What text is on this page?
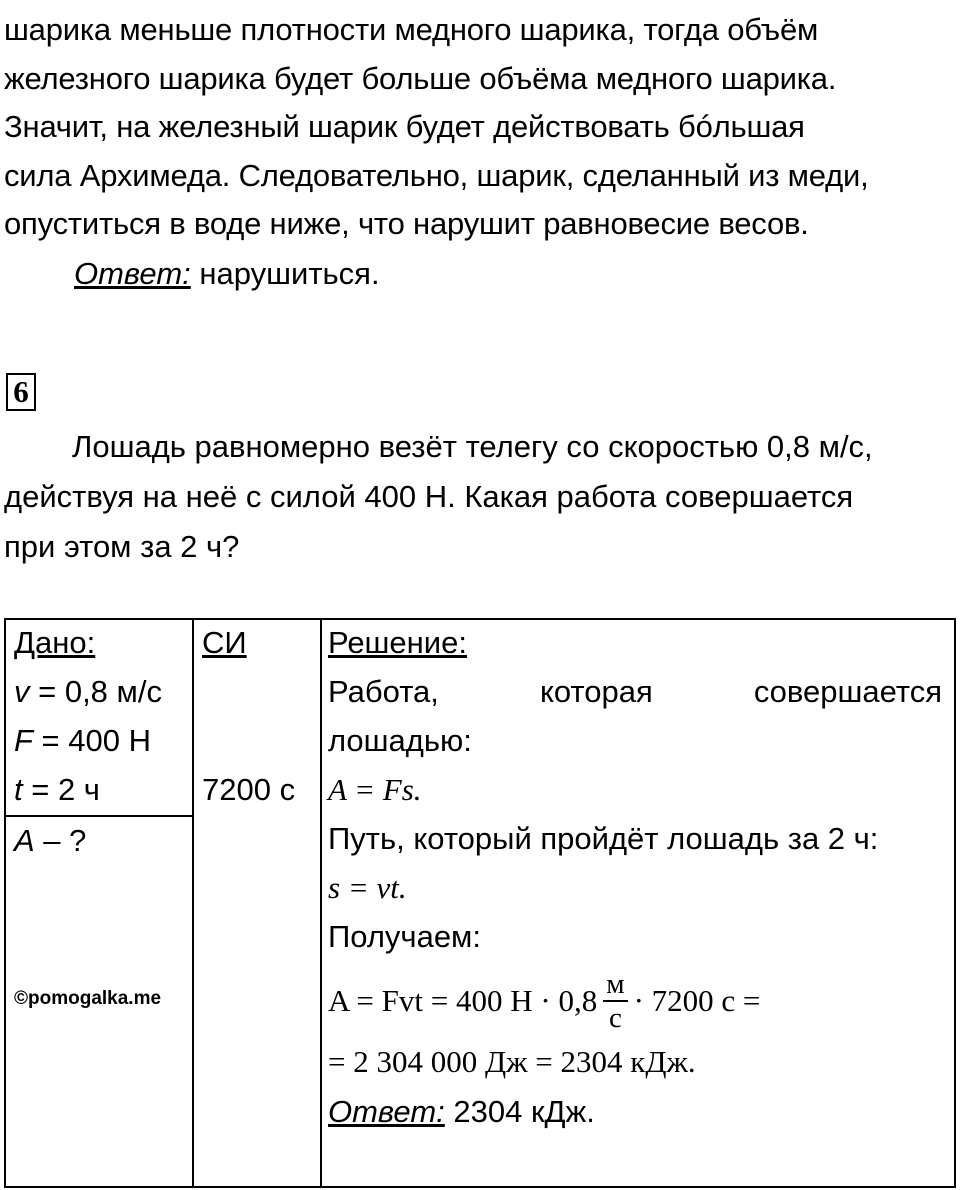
шарика меньше плотности медного шарика, тогда объём
железного шарика будет больше объёма медного шарика.
Значит, на железный шарик будет действовать бóльшая
сила Архимеда. Следовательно, шарик, сделанный из меди,
опуститься в воде ниже, что нарушит равновесие весов.
Ответ: нарушиться.
6
Лошадь равномерно везёт телегу со скоростью 0,8 м/с,
действуя на неё с силой 400 Н. Какая работа совершается
при этом за 2 ч?
Дано:
v = 0,8 м/с
F = 400 Н
t = 2 ч
A – ?
СИ
7200 с
Решение:
Работа,	которая	совершается
лошадью:
A = Fs.
Путь, который пройдёт лошадь за 2 ч:
s = vt.
Получаем:
A = Fvt = 400 $Н \cdot 0,8 \frac{м}{с} \cdot 7200$ с =
= 2 304 000 Дж = 2304 кДж.
Ответ: 2304 кДж.
©pomogalka.me
